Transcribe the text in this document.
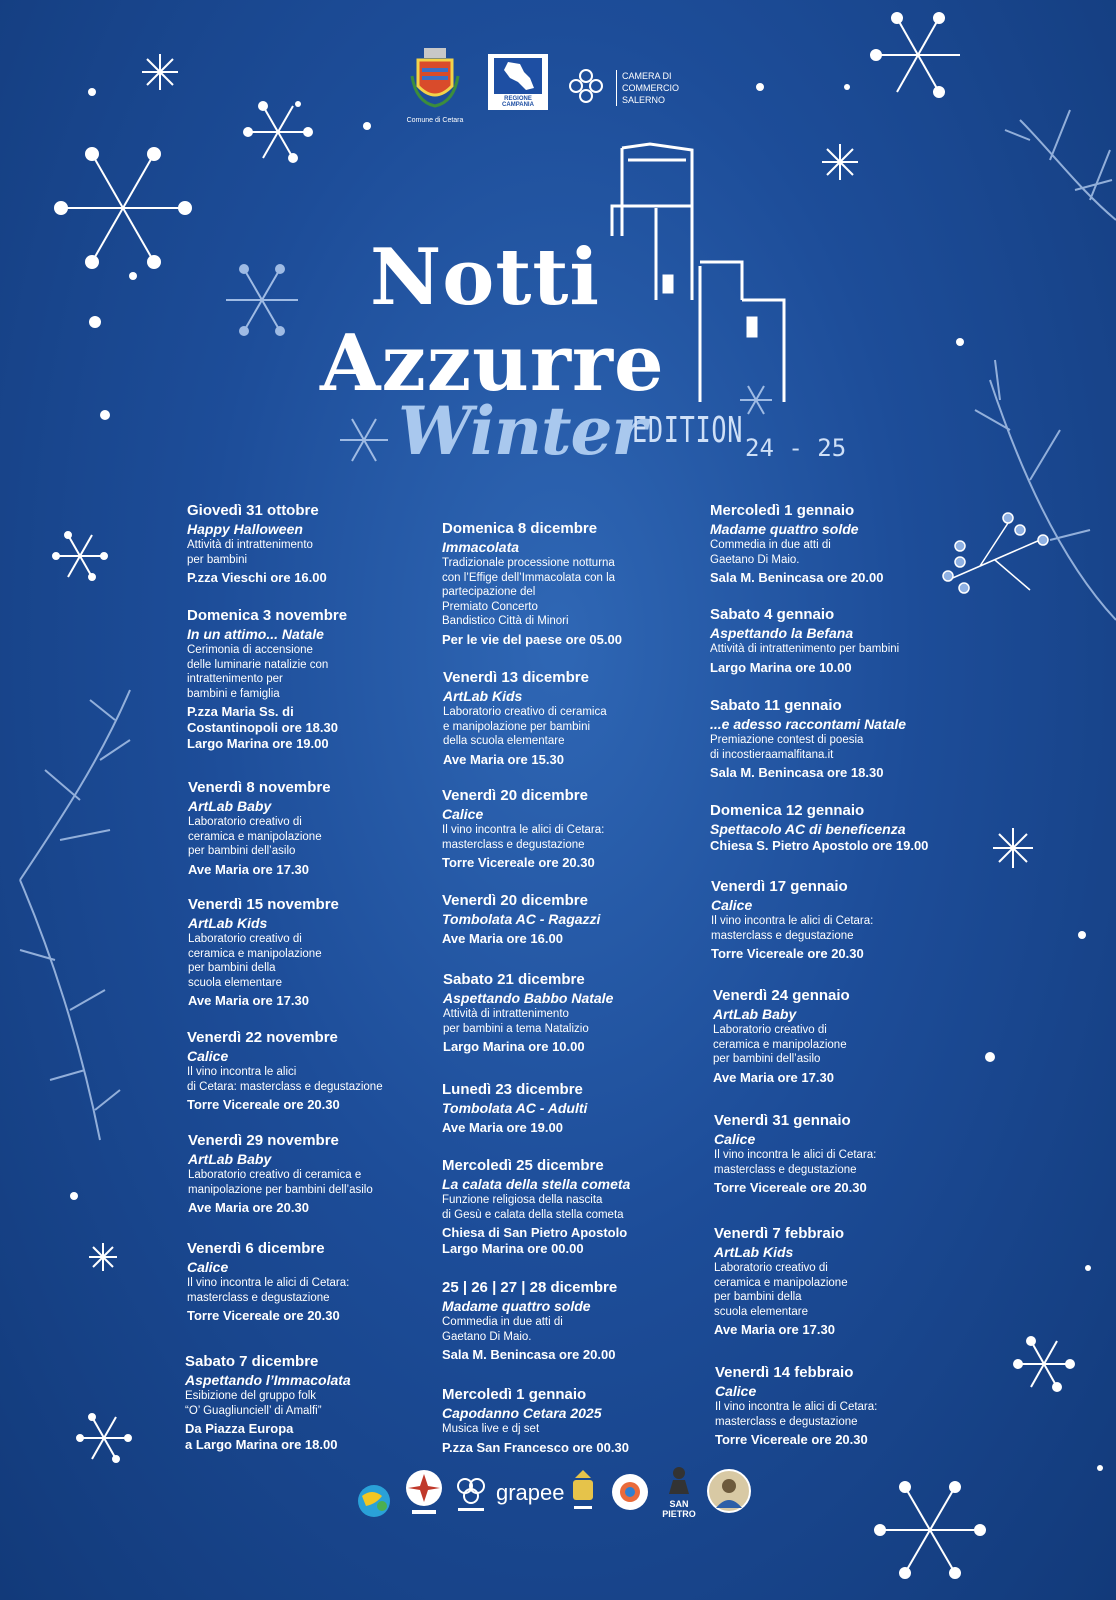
Comune di Cetara
REGIONE CAMPANIA
CAMERA DI COMMERCIO
SALERNO
Notti
Azzurre
Winter
EDITION 24 - 25
Giovedì 31 ottobre
Happy Halloween
Attività di intrattenimento
per bambini
P.zza Vieschi ore 16.00
Domenica 3 novembre
In un attimo... Natale
Cerimonia di accensione
delle luminarie natalizie con
intrattenimento per
bambini e famiglia
P.zza Maria Ss. di
Costantinopoli ore 18.30
Largo Marina ore 19.00
Venerdì 8 novembre
ArtLab Baby
Laboratorio creativo di
ceramica e manipolazione
per bambini dell’asilo
Ave Maria ore 17.30
Venerdì 15 novembre
ArtLab Kids
Laboratorio creativo di
ceramica e manipolazione
per bambini della
scuola elementare
Ave Maria ore 17.30
Venerdì 22 novembre
Calice
Il vino incontra le alici
di Cetara: masterclass e degustazione
Torre Vicereale ore 20.30
Venerdì 29 novembre
ArtLab Baby
Laboratorio creativo di ceramica e
manipolazione per bambini dell’asilo
Ave Maria ore 20.30
Venerdì 6 dicembre
Calice
Il vino incontra le alici di Cetara:
masterclass e degustazione
Torre Vicereale ore 20.30
Sabato 7 dicembre
Aspettando l’Immacolata
Esibizione del gruppo folk
“O’ Guagliunciell’ di Amalfi”
Da Piazza Europa
a Largo Marina ore 18.00
Domenica 8 dicembre
Immacolata
Tradizionale processione notturna
con l’Effige dell’Immacolata con la
partecipazione del
Premiato Concerto
Bandistico Città di Minori
Per le vie del paese ore 05.00
Venerdì 13 dicembre
ArtLab Kids
Laboratorio creativo di ceramica
e manipolazione per bambini
della scuola elementare
Ave Maria ore 15.30
Venerdì 20 dicembre
Calice
Il vino incontra le alici di Cetara:
masterclass e degustazione
Torre Vicereale ore 20.30
Venerdì 20 dicembre
Tombolata AC - Ragazzi
Ave Maria ore 16.00
Sabato 21 dicembre
Aspettando Babbo Natale
Attività di intrattenimento
per bambini a tema Natalizio
Largo Marina ore 10.00
Lunedì 23 dicembre
Tombolata AC - Adulti
Ave Maria ore 19.00
Mercoledì 25 dicembre
La calata della stella cometa
Funzione religiosa della nascita
di Gesù e calata della stella cometa
Chiesa di San Pietro Apostolo
Largo Marina ore 00.00
25 | 26 | 27 | 28 dicembre
Madame quattro solde
Commedia in due atti di
Gaetano Di Maio.
Sala M. Benincasa ore 20.00
Mercoledì 1 gennaio
Capodanno Cetara 2025
Musica live e dj set
P.zza San Francesco ore 00.30
Mercoledì 1 gennaio
Madame quattro solde
Commedia in due atti di
Gaetano Di Maio.
Sala M. Benincasa ore 20.00
Sabato 4 gennaio
Aspettando la Befana
Attività di intrattenimento per bambini
Largo Marina ore 10.00
Sabato 11 gennaio
...e adesso raccontami Natale
Premiazione contest di poesia
di incostieraamalfitana.it
Sala M. Benincasa ore 18.30
Domenica 12 gennaio
Spettacolo AC di beneficenza
Chiesa S. Pietro Apostolo ore 19.00
Venerdì 17 gennaio
Calice
Il vino incontra le alici di Cetara:
masterclass e degustazione
Torre Vicereale ore 20.30
Venerdì 24 gennaio
ArtLab Baby
Laboratorio creativo di
ceramica e manipolazione
per bambini dell’asilo
Ave Maria ore 17.30
Venerdì 31 gennaio
Calice
Il vino incontra le alici di Cetara:
masterclass e degustazione
Torre Vicereale ore 20.30
Venerdì 7 febbraio
ArtLab Kids
Laboratorio creativo di
ceramica e manipolazione
per bambini della
scuola elementare
Ave Maria ore 17.30
Venerdì 14 febbraio
Calice
Il vino incontra le alici di Cetara:
masterclass e degustazione
Torre Vicereale ore 20.30
grapee	SAN PIETRO
